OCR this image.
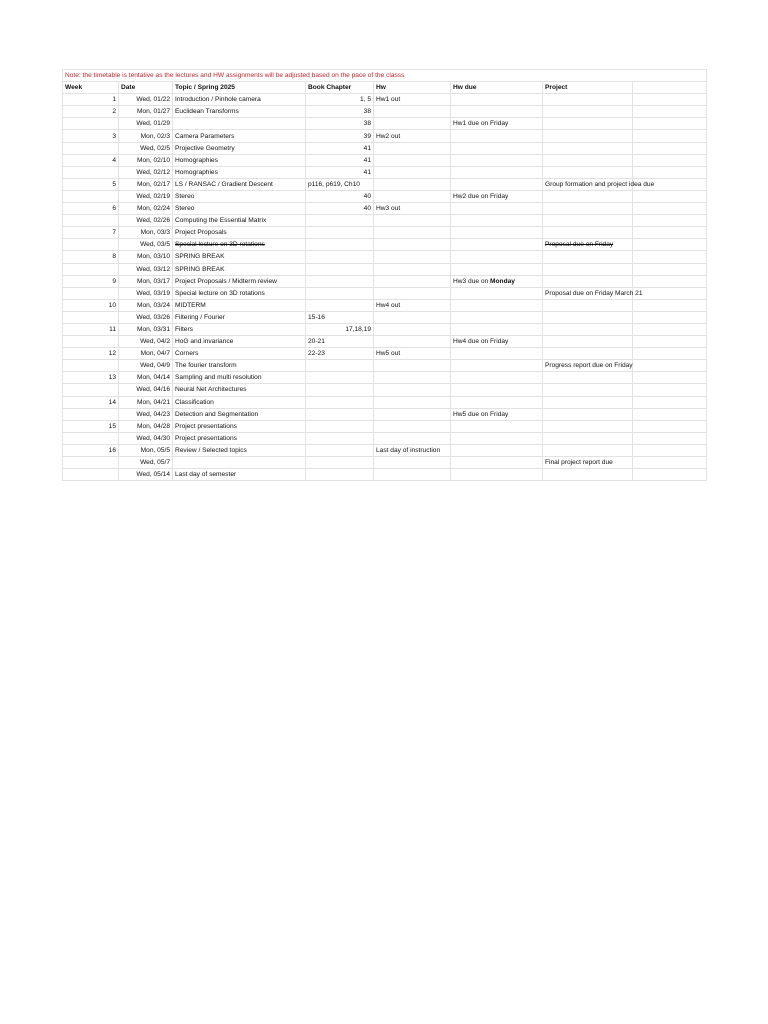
Note: the timetable is tentative as the lectures and HW assignments will be adjusted based on the pace of the classs							
Week	Date	Topic / Spring 2025	Book Chapter	Hw	Hw due	Project	
1	Wed, 01/22	Introduction / Pinhole camera	1, 5	Hw1 out			
2	Mon, 01/27	Euclidean Transforms	38				
	Wed, 01/29		38		Hw1 due on Friday		
3	Mon, 02/3	Camera Parameters	39	Hw2 out			
	Wed, 02/5	Projective Geometry	41				
4	Mon, 02/10	Homographies	41				
	Wed, 02/12	Homographies	41				
5	Mon, 02/17	LS / RANSAC / Gradient Descent	p116, p619, Ch10			Group formation and project idea due	
	Wed, 02/19	Stereo	40		Hw2 due on Friday		
6	Mon, 02/24	Stereo	40	Hw3 out			
	Wed, 02/26	Computing the Essential Matrix					
7	Mon, 03/3	Project Proposals					
	Wed, 03/5	Special lecture on 3D rotations				Proposal due on Friday	
8	Mon, 03/10	SPRING BREAK					
	Wed, 03/12	SPRING BREAK					
9	Mon, 03/17	Project Proposals / Midterm review			Hw3 due on Monday		
	Wed, 03/19	Special lecture on 3D rotations				Proposal due on Friday March 21	
10	Mon, 03/24	MIDTERM		Hw4 out			
	Wed, 03/26	Filtering / Fourier	15-16				
11	Mon, 03/31	Filters	17,18,19				
	Wed, 04/2	HoG and invariance	20-21		Hw4 due on Friday		
12	Mon, 04/7	Corners	22-23	Hw5 out			
	Wed, 04/9	The fourier transform				Progress report due on Friday	
13	Mon, 04/14	Sampling and multi resolution					
	Wed, 04/16	Neural Net Architectures					
14	Mon, 04/21	Classification					
	Wed, 04/23	Detection and Segmentation			Hw5 due on Friday		
15	Mon, 04/28	Project presentations					
	Wed, 04/30	Project presentations					
16	Mon, 05/5	Review / Selected topics		Last day of instruction			
	Wed, 05/7					Final project report due	
	Wed, 05/14	Last day of semester					
